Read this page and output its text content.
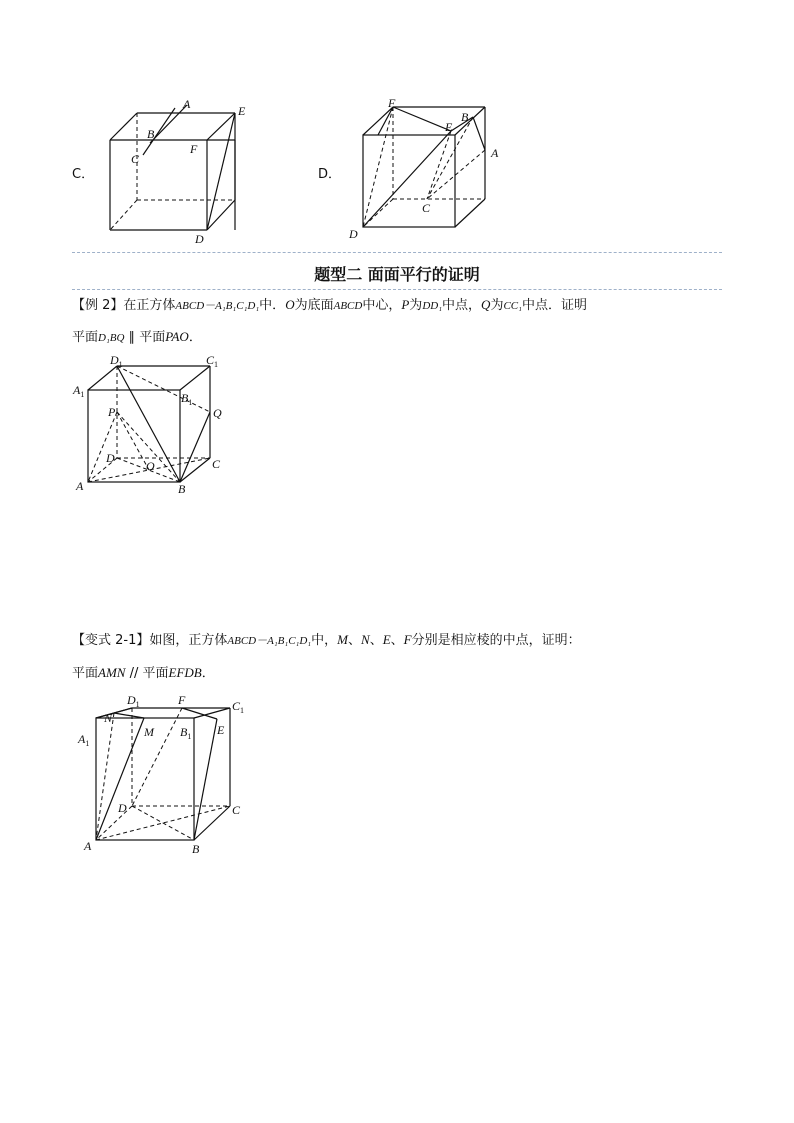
C．
A
B
C
E
F
D
D．
F
E
B
A
C
D
题型二 面面平行的证明
【例 2】在正方体ABCD－A₁B₁C₁D₁中．O为底面ABCD中心，P为DD₁中点，Q为CC₁中点．证明
平面D₁BQ ∥ 平面PAO．
$D_1$	$C_1$
$A_1$	$B_1$
P	Q
D
O	C
A	B
【变式 2-1】如图，正方体ABCD－A₁B₁C₁D₁中，M、N、E、F分别是相应棱的中点，证明：
平面AMN // 平面EFDB．
$D_1$	F	$C_1$
N
$A_1$
M $B_1$ E
D	C
A	B
